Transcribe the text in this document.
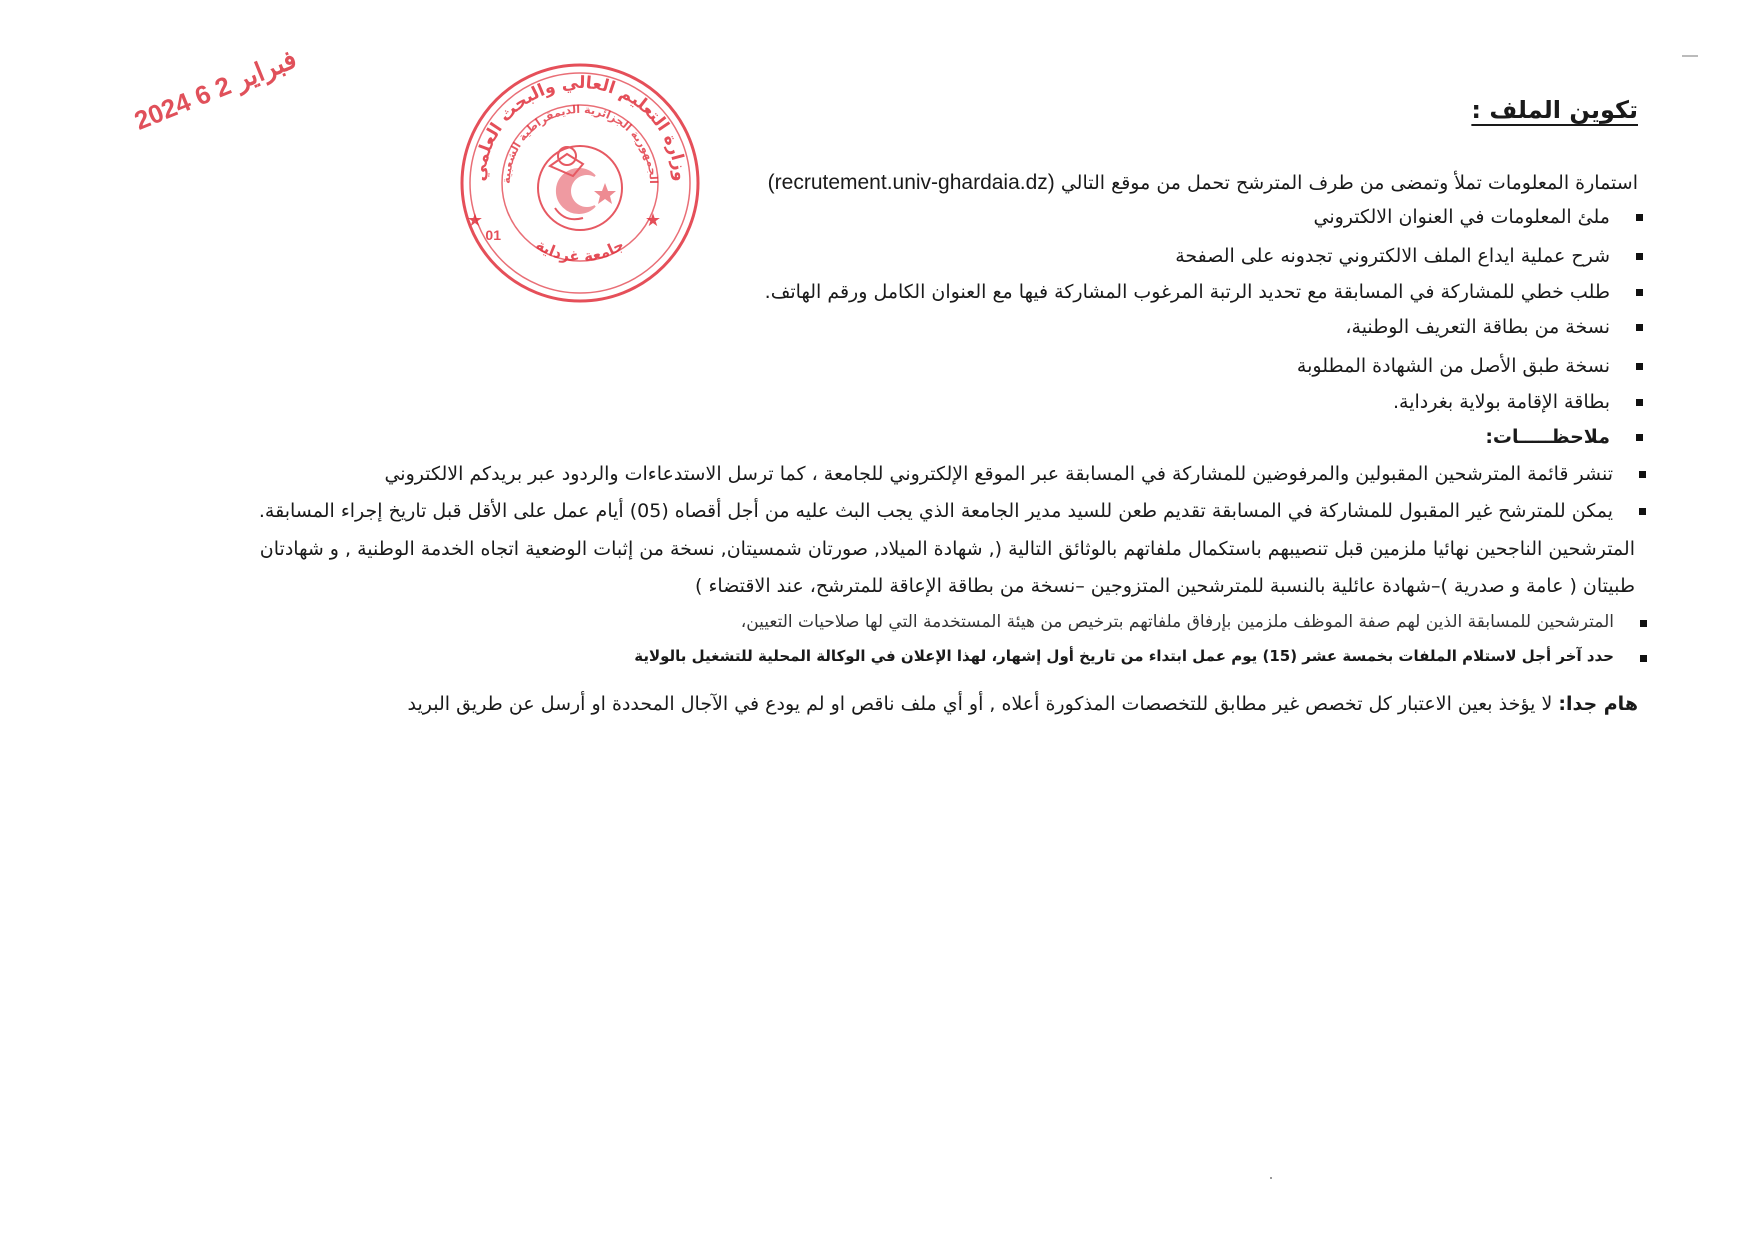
تكوين الملف :
استمارة المعلومات تملأ وتمضى من طرف المترشح تحمل من موقع التالي (recrutement.univ-ghardaia.dz)
ملئ المعلومات في العنوان الالكتروني
شرح عملية ايداع الملف الالكتروني تجدونه على الصفحة
طلب خطي للمشاركة في المسابقة مع تحديد الرتبة المرغوب المشاركة فيها مع العنوان الكامل ورقم الهاتف.
نسخة من بطاقة التعريف الوطنية،
نسخة طبق الأصل من الشهادة المطلوبة
بطاقة الإقامة بولاية بغرداية.
ملاحظـــــات:
تنشر قائمة المترشحين المقبولين والمرفوضين للمشاركة في المسابقة عبر الموقع الإلكتروني للجامعة ، كما ترسل الاستدعاءات والردود عبر بريدكم الالكتروني
يمكن للمترشح غير المقبول للمشاركة في المسابقة تقديم طعن للسيد مدير الجامعة الذي يجب البث عليه من أجل أقصاه (05) أيام عمل على الأقل قبل تاريخ إجراء المسابقة.
المترشحين الناجحين نهائيا ملزمين قبل تنصيبهم باستكمال ملفاتهم بالوثائق التالية (, شهادة الميلاد, صورتان شمسيتان, نسخة من إثبات الوضعية اتجاه الخدمة الوطنية , و شهادتان
طبيتان ( عامة و صدرية )–شهادة عائلية بالنسبة للمترشحين المتزوجين –نسخة من بطاقة الإعاقة للمترشح، عند الاقتضاء )
المترشحين للمسابقة الذين لهم صفة الموظف ملزمين بإرفاق ملفاتهم بترخيص من هيئة المستخدمة التي لها صلاحيات التعيين،
حدد آخر أجل لاستلام الملفات بخمسة عشر (15) يوم عمل ابتداء من تاريخ أول إشهار، لهذا الإعلان في الوكالة المحلية للتشغيل بالولاية
هام جدا: لا يؤخذ بعين الاعتبار كل تخصص غير مطابق للتخصصات المذكورة أعلاه , أو أي ملف ناقص او لم يودع في الآجال المحددة او أرسل عن طريق البريد
2024 فبراير 2 6
وزارة التعليم العالي والبحث العلمي
الجمهورية الجزائرية الديمقراطية الشعبية
جامعة غرداية
01
★	★
